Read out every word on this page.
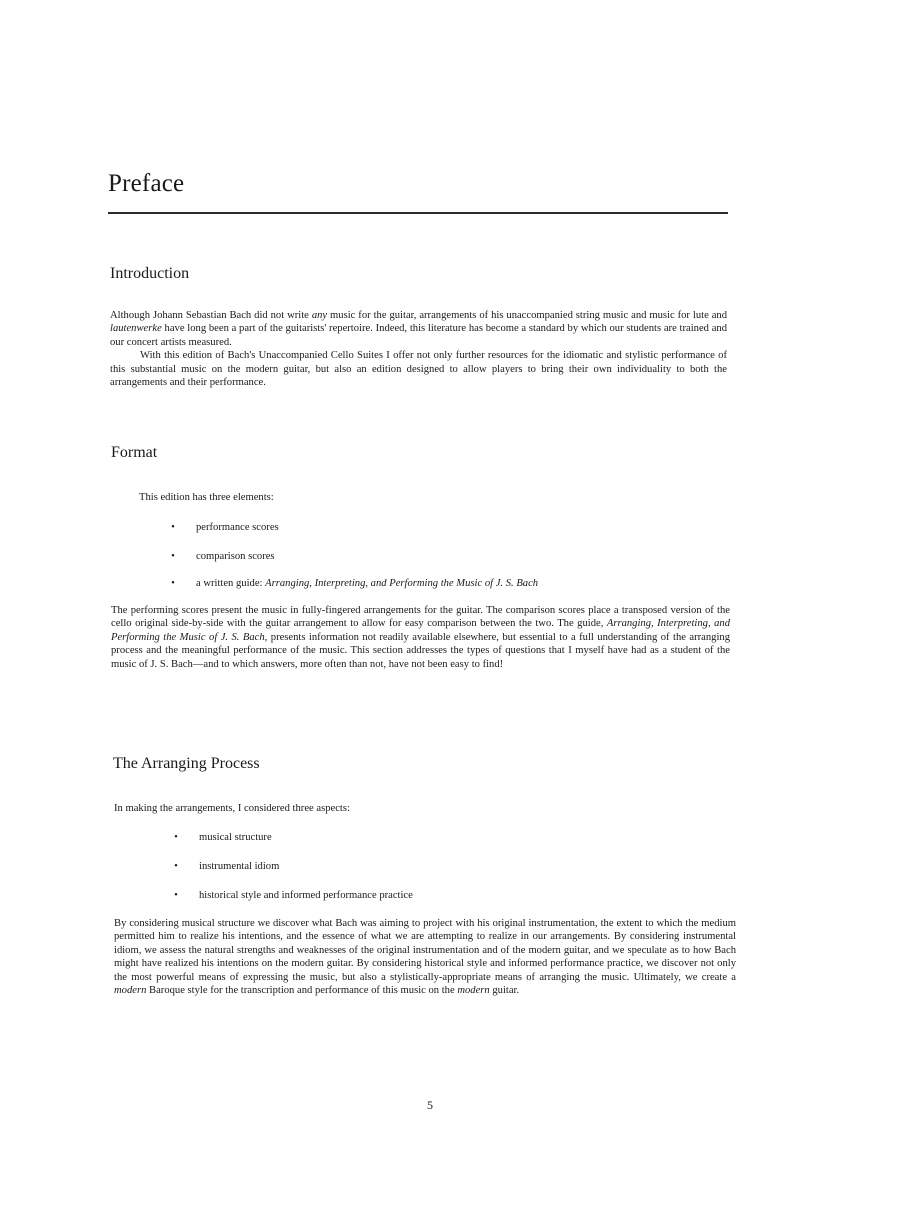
Preface
Introduction

Although Johann Sebastian Bach did not write any music for the guitar, arrangements of his unaccompanied string music and music for lute and lautenwerke have long been a part of the guitarists' repertoire. Indeed, this literature has become a standard by which our students are trained and our concert artists measured.
With this edition of Bach's Unaccompanied Cello Suites I offer not only further resources for the idiomatic and stylistic performance of this substantial music on the modern guitar, but also an edition designed to allow players to bring their own individuality to both the arrangements and their performance.

Format

This edition has three elements:

• performance scores
• comparison scores
• a written guide: Arranging, Interpreting, and Performing the Music of J. S. Bach

The performing scores present the music in fully-fingered arrangements for the guitar. The comparison scores place a transposed version of the cello original side-by-side with the guitar arrangement to allow for easy comparison between the two. The guide, Arranging, Interpreting, and Performing the Music of J. S. Bach, presents information not readily available elsewhere, but essential to a full understanding of the arranging process and the meaningful performance of the music. This section addresses the types of questions that I myself have had as a student of the music of J. S. Bach—and to which answers, more often than not, have not been easy to find!

The Arranging Process

In making the arrangements, I considered three aspects:

• musical structure
• instrumental idiom
• historical style and informed performance practice

By considering musical structure we discover what Bach was aiming to project with his original instrumentation, the extent to which the medium permitted him to realize his intentions, and the essence of what we are attempting to realize in our arrangements. By considering instrumental idiom, we assess the natural strengths and weaknesses of the original instrumentation and of the modern guitar, and we speculate as to how Bach might have realized his intentions on the modern guitar. By considering historical style and informed performance practice, we discover not only the most powerful means of expressing the music, but also a stylistically-appropriate means of arranging the music. Ultimately, we create a modern Baroque style for the transcription and performance of this music on the modern guitar.

5
